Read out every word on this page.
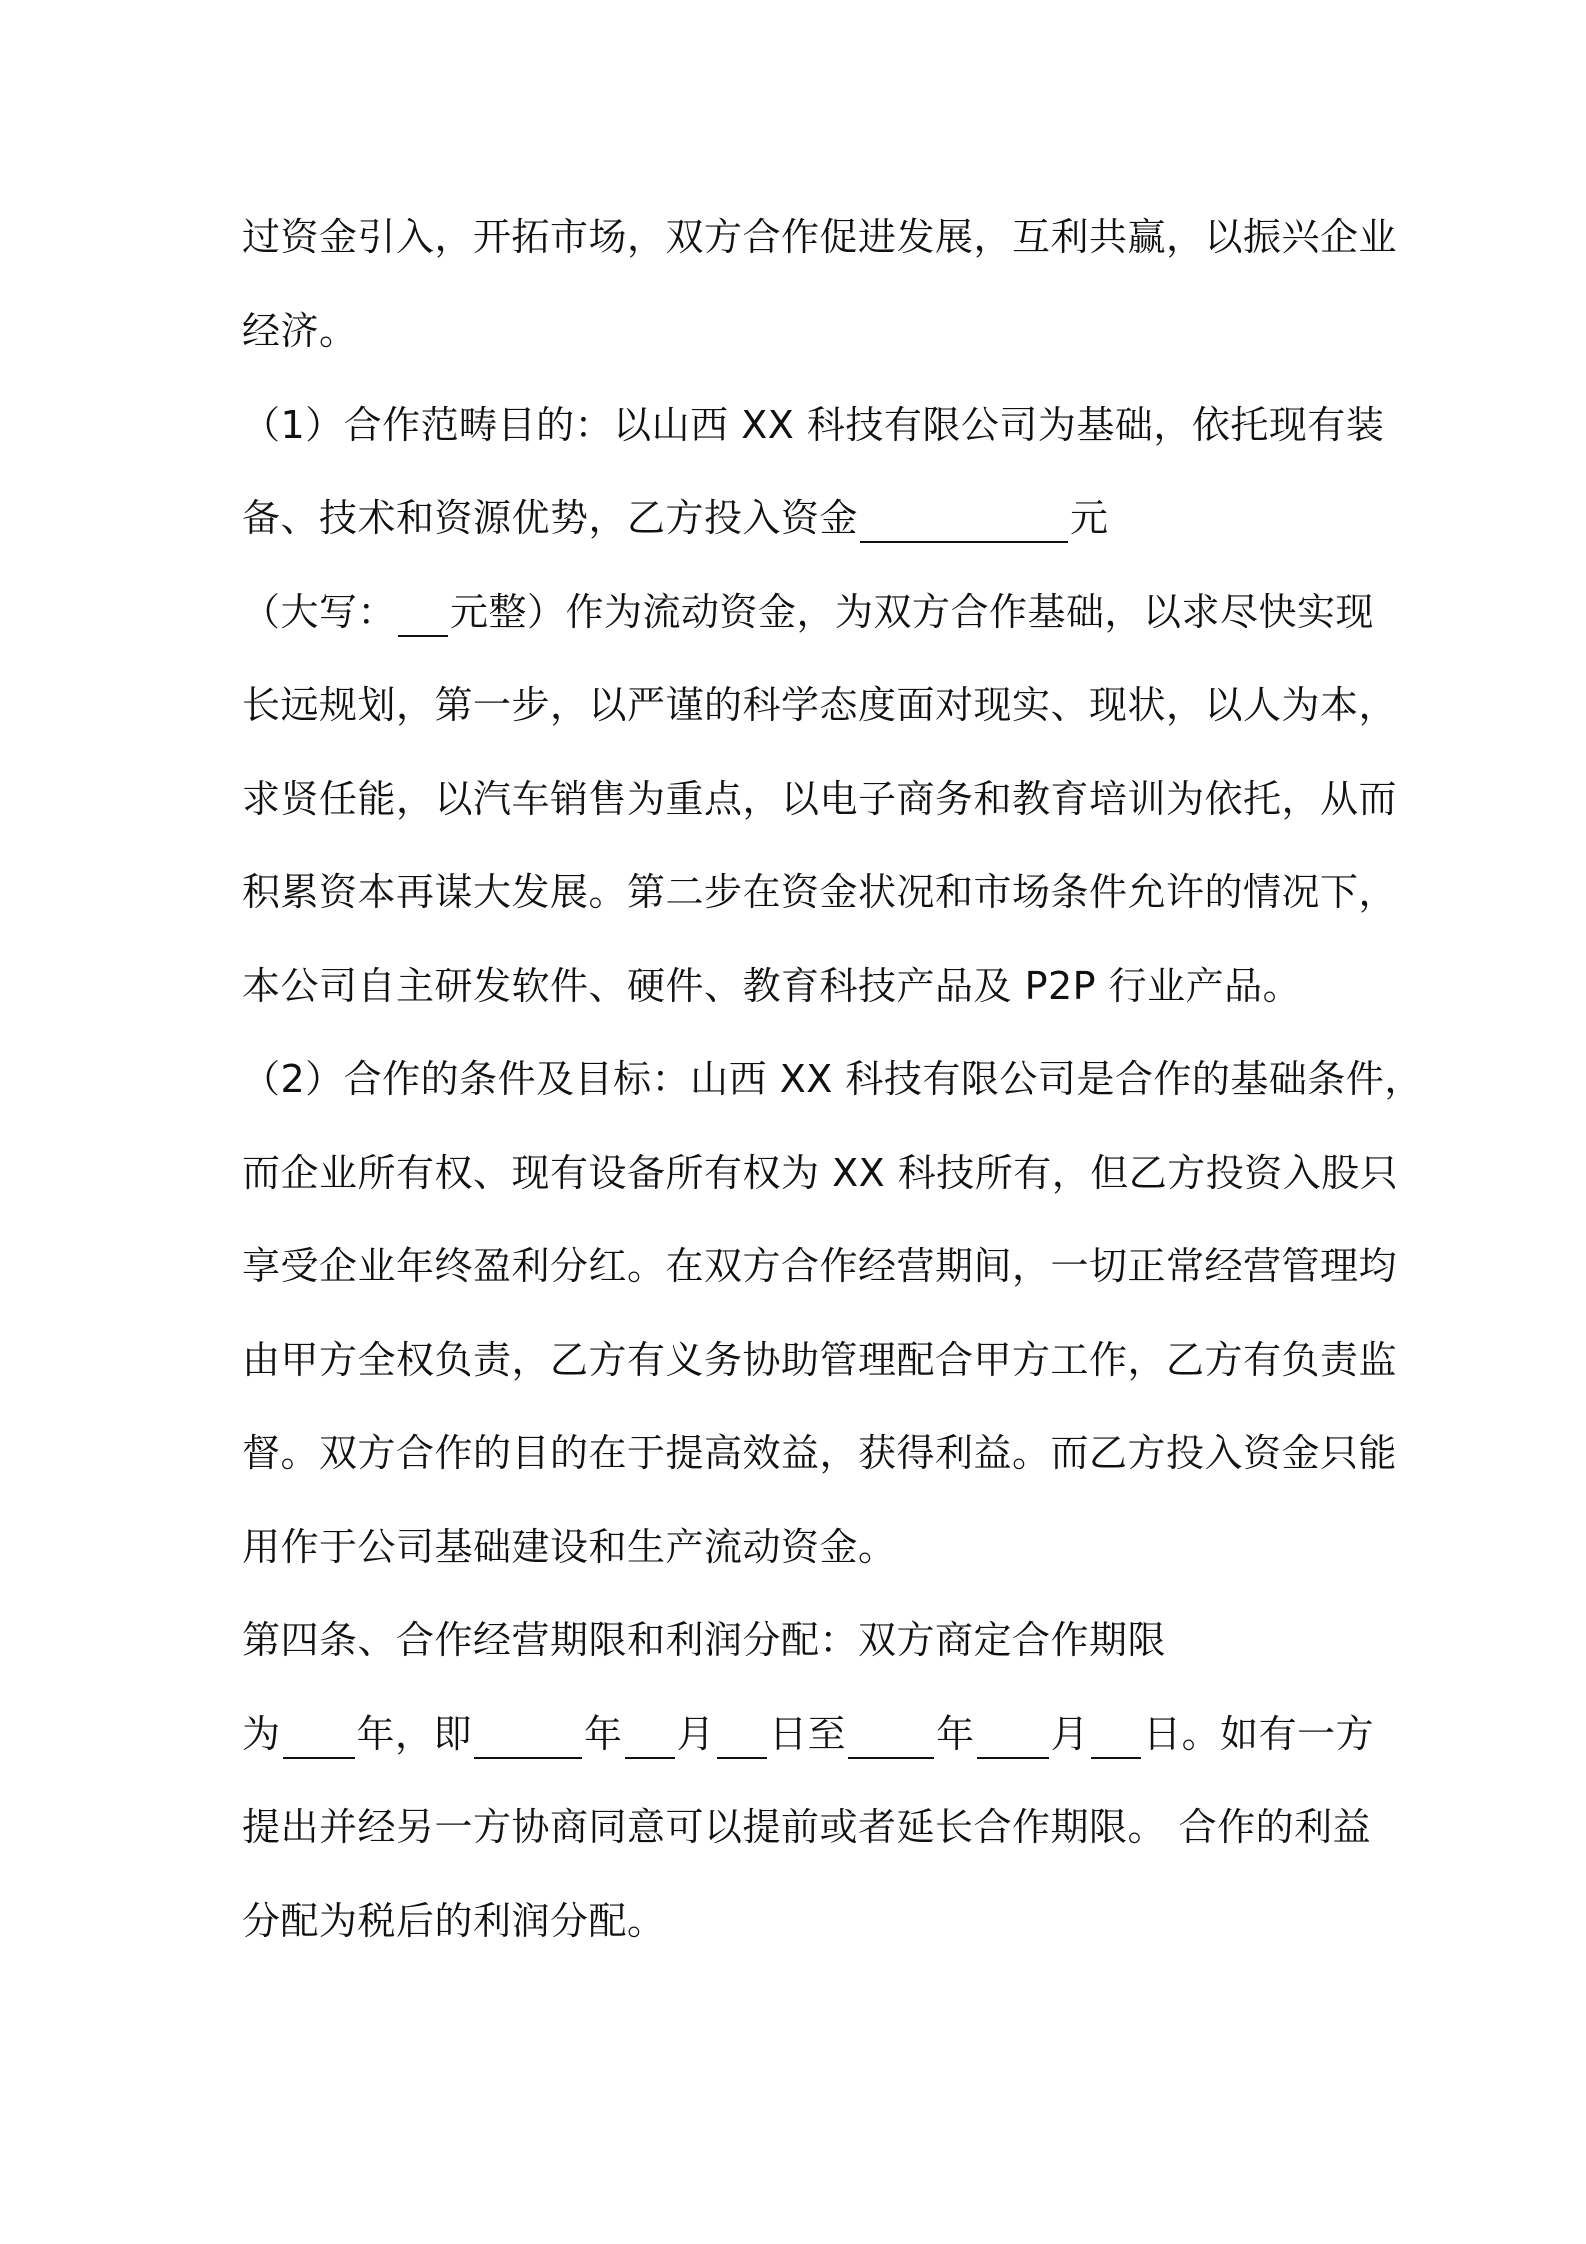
过资金引入，开拓市场，双方合作促进发展，互利共赢，以振兴企业
经济。
（1）合作范畴目的：以山西 XX 科技有限公司为基础，依托现有装
备、技术和资源优势，乙方投入资金	元
（大写： 元整）作为流动资金，为双方合作基础，以求尽快实现
长远规划，第一步，以严谨的科学态度面对现实、现状，以人为本，
求贤任能，以汽车销售为重点，以电子商务和教育培训为依托，从而
积累资本再谋大发展。第二步在资金状况和市场条件允许的情况下，
本公司自主研发软件、硬件、教育科技产品及 P2P 行业产品。
（2）合作的条件及目标：山西 XX 科技有限公司是合作的基础条件，
而企业所有权、现有设备所有权为 XX 科技所有，但乙方投资入股只
享受企业年终盈利分红。在双方合作经营期间，一切正常经营管理均
由甲方全权负责，乙方有义务协助管理配合甲方工作，乙方有负责监
督。双方合作的目的在于提高效益，获得利益。而乙方投入资金只能
用作于公司基础建设和生产流动资金。
第四条、合作经营期限和利润分配：双方商定合作期限
为 年，即	年 月 日至 年 月 日。如有一方
提出并经另一方协商同意可以提前或者延长合作期限。 合作的利益
分配为税后的利润分配。
